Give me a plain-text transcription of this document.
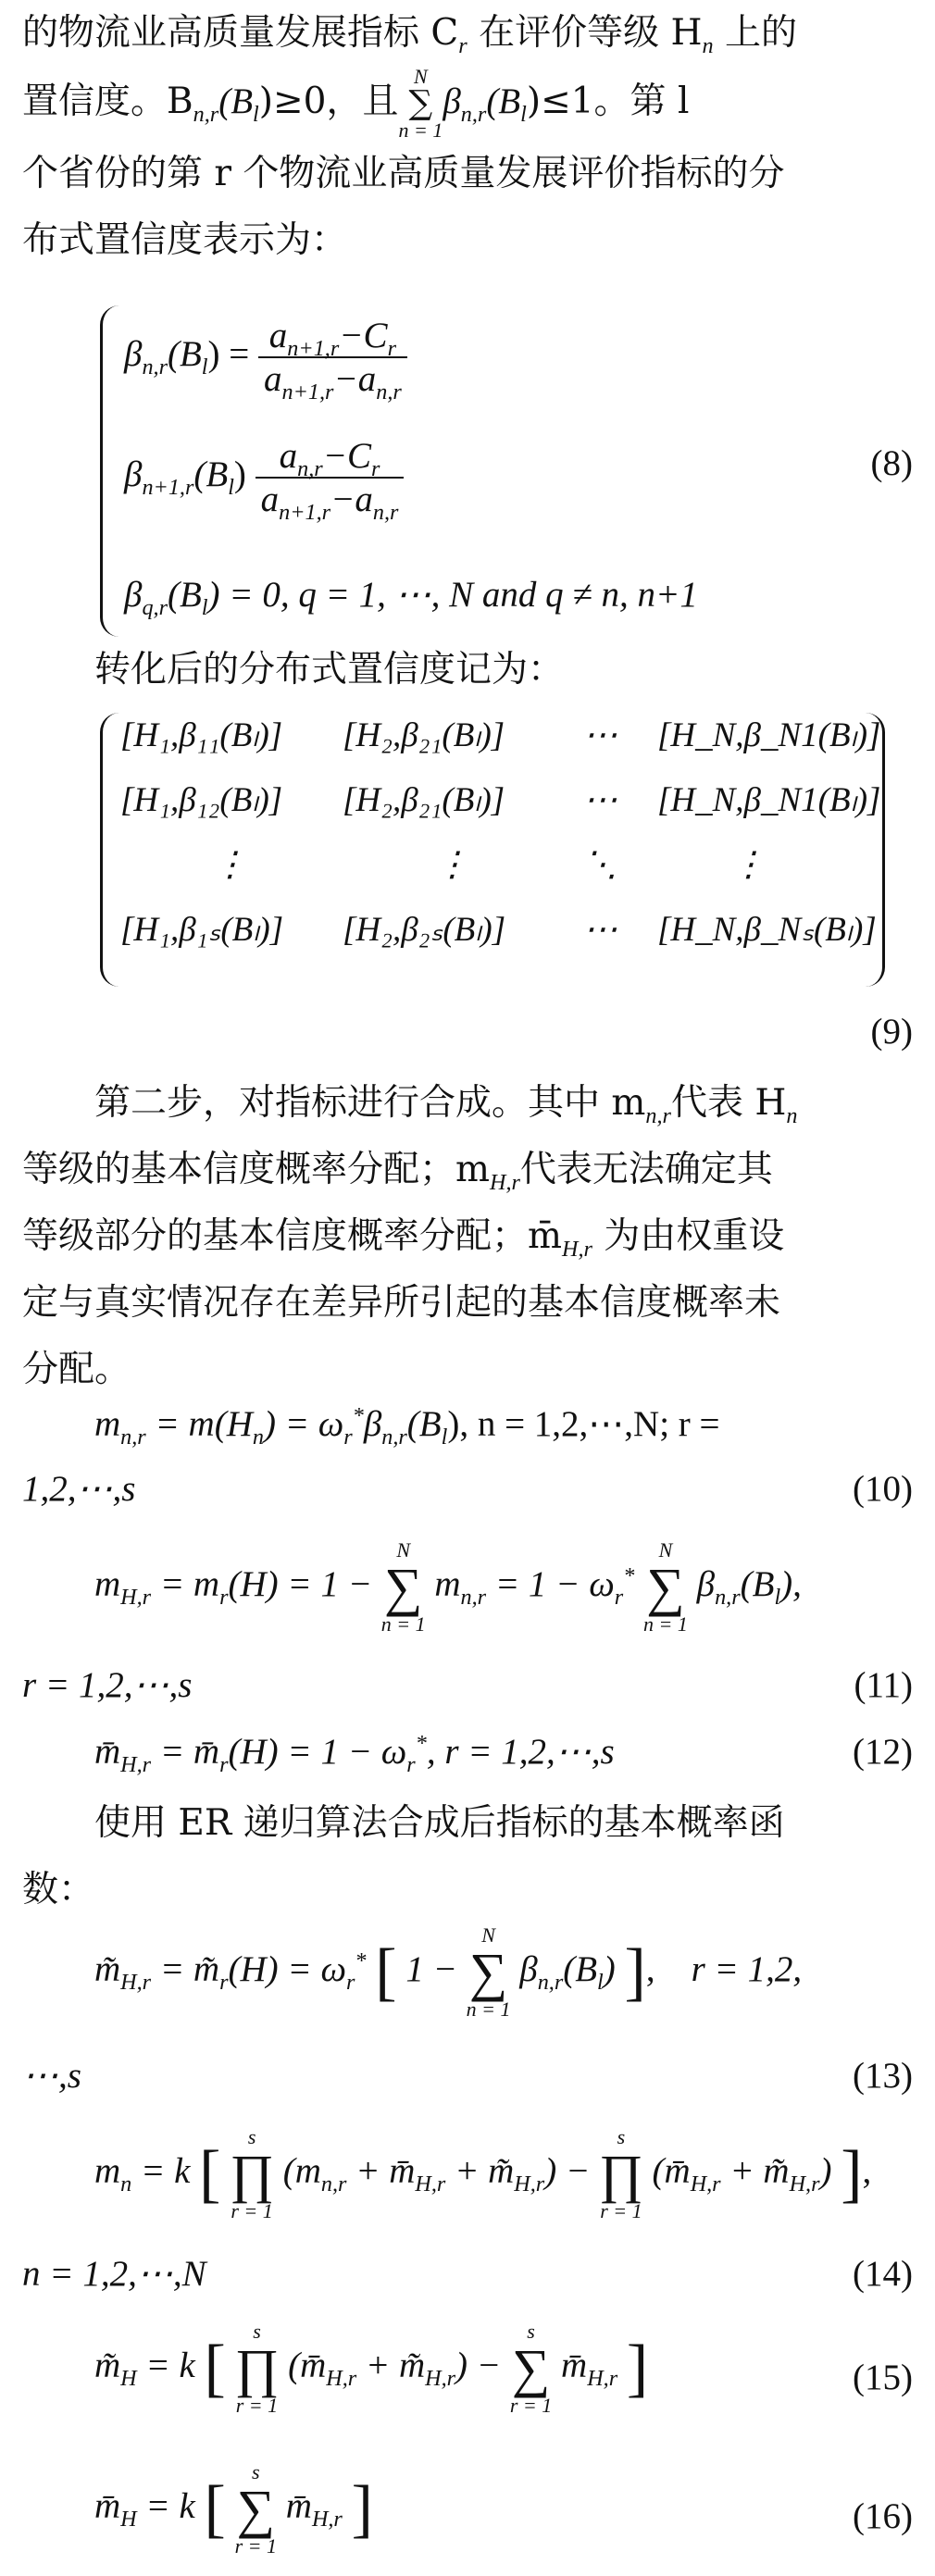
的物流业高质量发展指标 $C_r$ 在评价等级 $H_n$ 上的
置信度。$B_{n,r}(B_l)\ge 0$，且
N
∑
n = 1
$\beta_{n,r}(B_l)\le 1$。第 l
个省份的第 r 个物流业高质量发展评价指标的分
布式置信度表示为：
$\beta_{n,r}(B_l) = \frac{a_{n+1,r}-C_r}{a_{n+1,r}-a_{n,r}}$
$\beta_{n+1,r}(B_l) \frac{a_{n,r}-C_r}{a_{n+1,r}-a_{n,r}}$
$\beta_{q,r}(B_l) = 0$, q = 1, ⋯, N and q ≠ n, n+1
(8)
转化后的分布式置信度记为：
[H₁,β₁₁(Bₗ)] [H₂,β₂₁(Bₗ)] ⋯ [H_N,β_N1(Bₗ)]
[H₁,β₁₂(Bₗ)] [H₂,β₂₁(Bₗ)] ⋯ [H_N,β_N1(Bₗ)]
⋮	⋮	⋱	⋮
[H₁,β₁ₛ(Bₗ)] [H₂,β₂ₛ(Bₗ)] ⋯ [H_N,β_Nₛ(Bₗ)]
(9)
第二步，对指标进行合成。其中 $m_{n,r}$代表 $H_n$
等级的基本信度概率分配；$m_{H,r}$代表无法确定其
等级部分的基本信度概率分配；$m̄_{H,r}$ 为由权重设
定与真实情况存在差异所引起的基本信度概率未
分配。
$m_{n,r} = m(H_n) = \omega_r^*\beta_{n,r}(B_l)$, n = 1,2,⋯,N; r =
1,2,⋯,s	(10)
$m_{H,r} = m_r(H) = 1$ −
N
∑
n = 1
$m_{n,r} = 1 - \omega_r^*$
N
∑
n = 1
$\beta_{n,r}(B_l)$,
r = 1,2,⋯,s	(11)
$m̄_{H,r}$ = $m̄_r(H) = 1 - \omega_r^*$, r = 1,2,⋯,s	(12)
使用 ER 递归算法合成后指标的基本概率函
数：
$m̃_{H,r}$ = $m̃_r(H) = \omega_r^*$ [ 1 −
N
∑
n = 1
$\beta_{n,r}(B_l)$ ],    r = 1,2,
⋯,s	(13)
$m_n = k$ [
s
∏
r = 1
($m_{n,r}$ + $m̄_{H,r}$ + $m̃_{H,r}$) −
s
∏
r = 1
($m̄_{H,r}$ + $m̃_{H,r}$) ],
n = 1,2,⋯,N	(14)
$m̃_H = k$ [
s
∏
r = 1
($m̄_{H,r}$ + $m̃_{H,r}$) −
s
∑
r = 1
$m̄_{H,r}$ ]	(15)
$m̄_H = k$ [
s
∑
r = 1
$m̄_{H,r}$ ]	(16)
